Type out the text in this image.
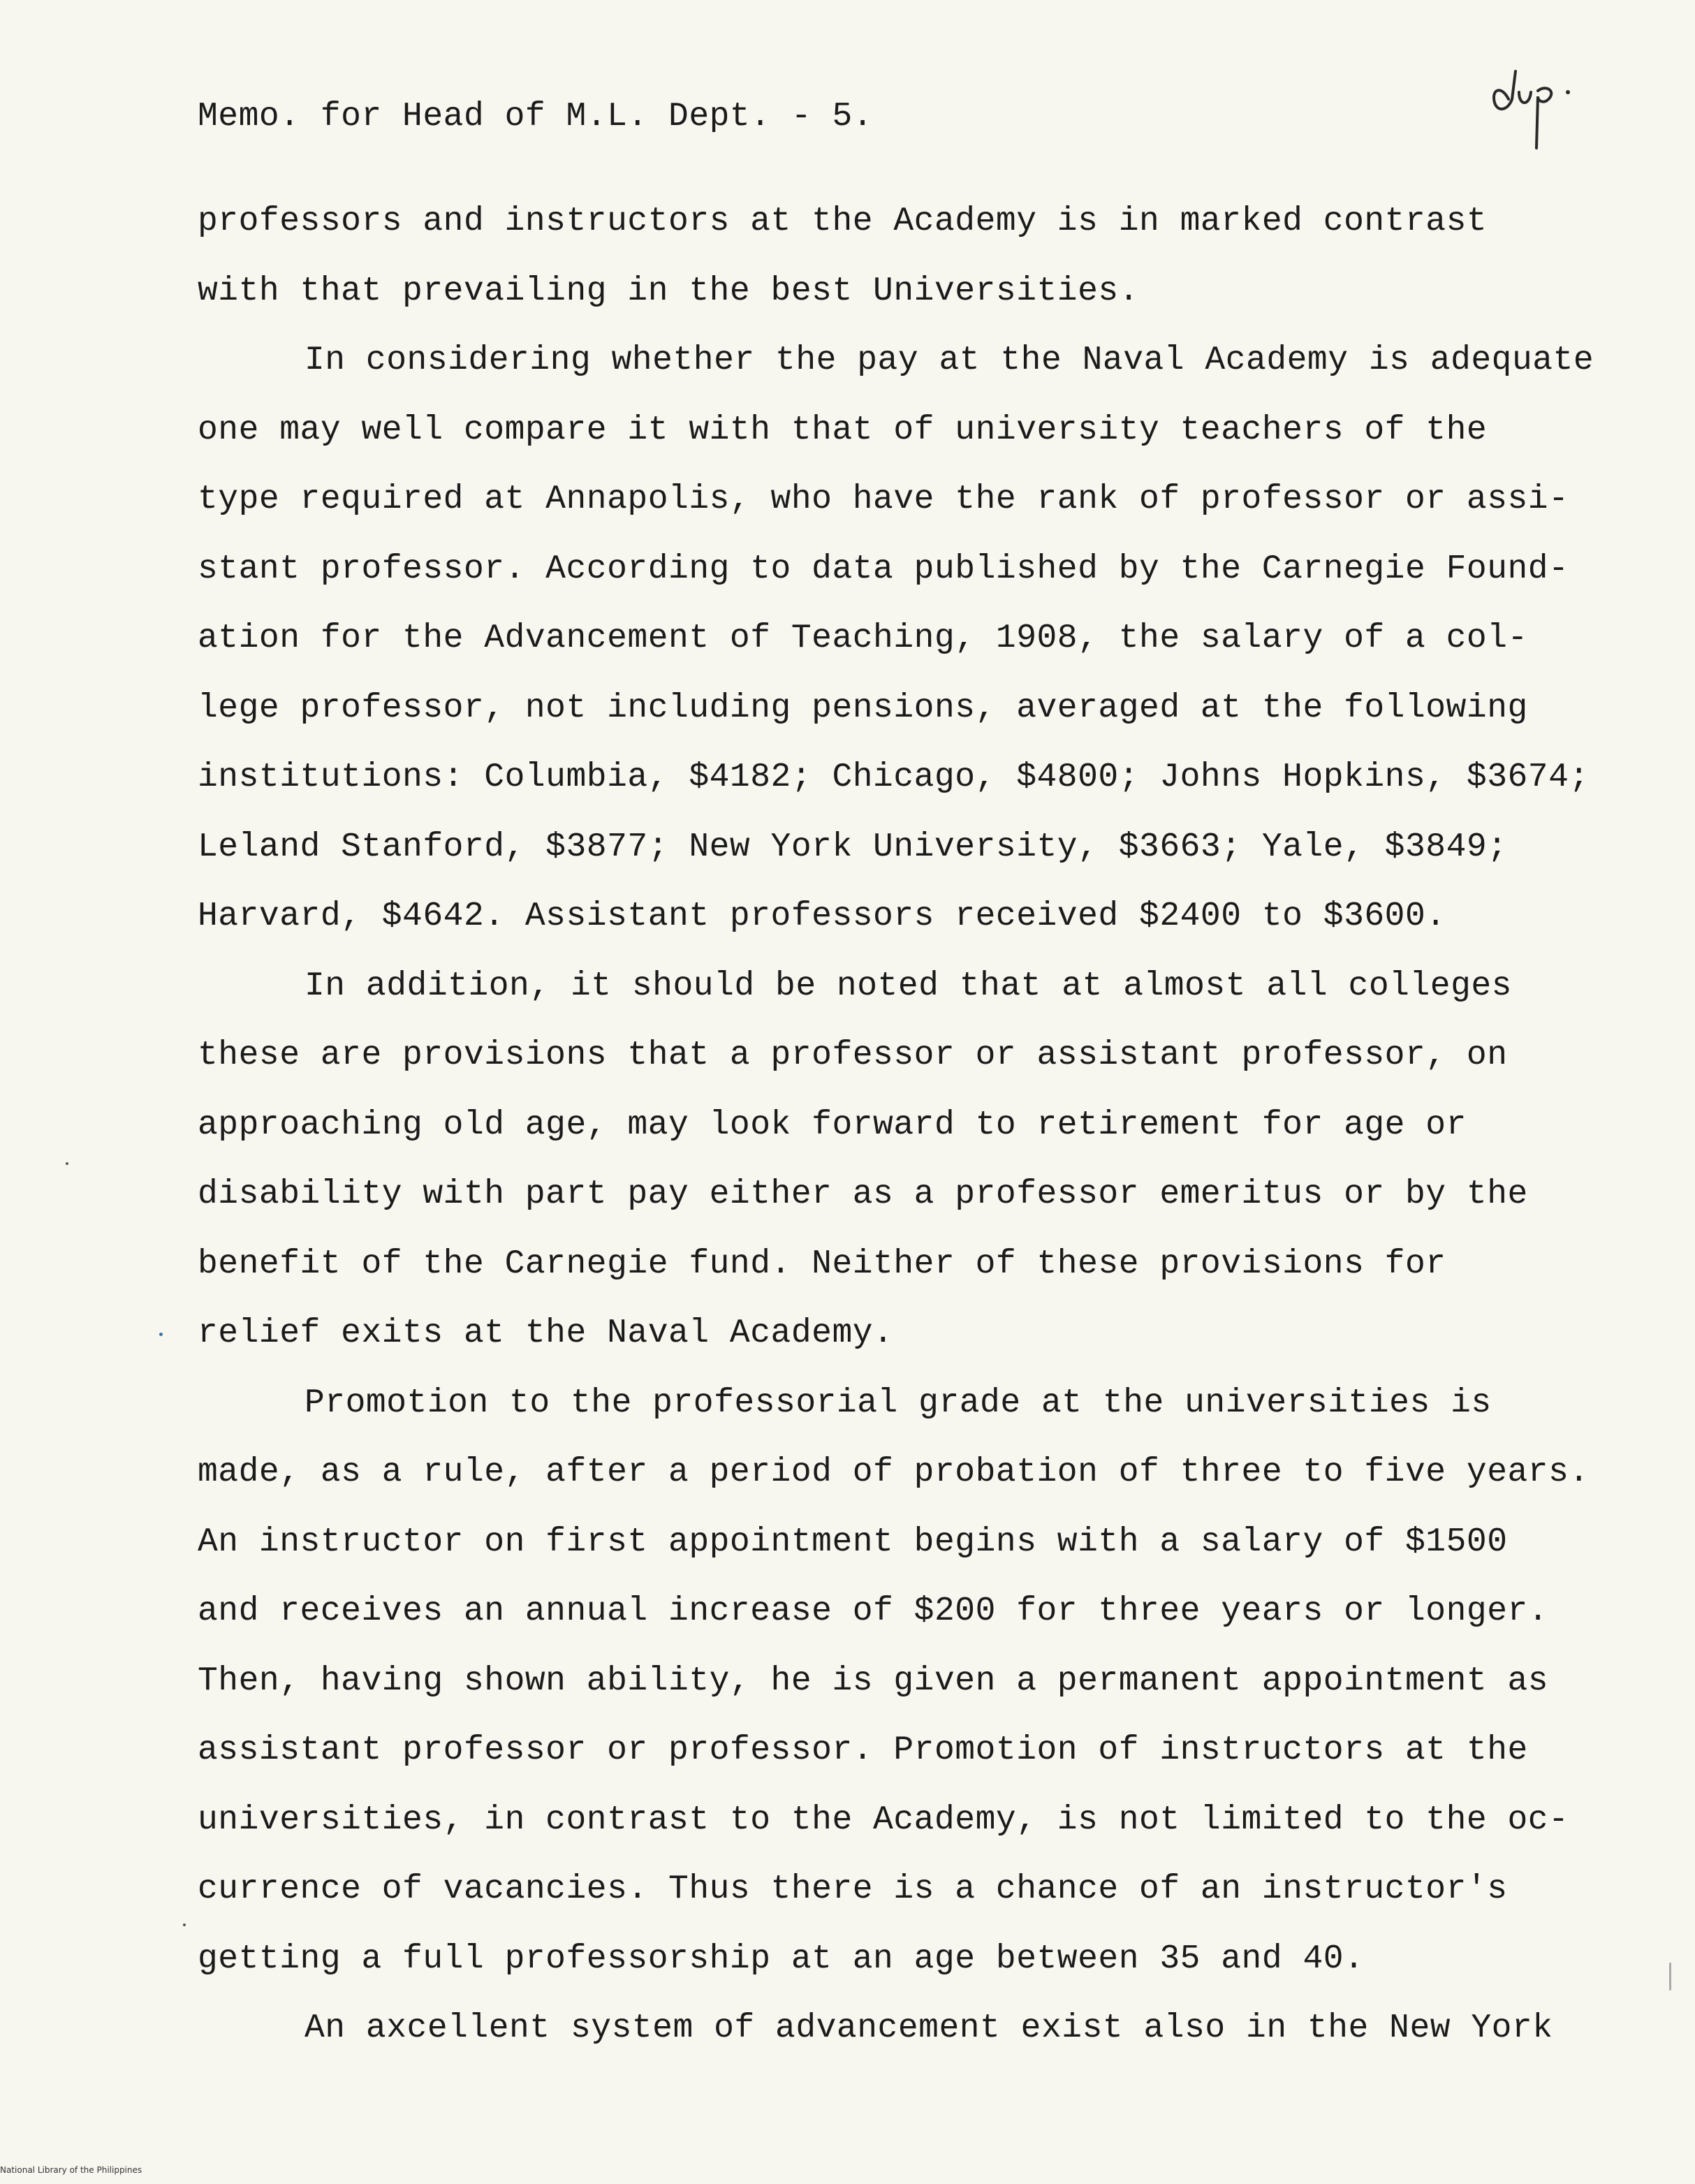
Memo. for Head of M.L. Dept. - 5.
dup.
professors and instructors at the Academy is in marked contrast
with that prevailing in the best Universities.
In considering whether the pay at the Naval Academy is adequate
one may well compare it with that of university teachers of the
type required at Annapolis, who have the rank of professor or assi-
stant professor. According to data published by the Carnegie Found-
ation for the Advancement of Teaching, 1908, the salary of a col-
lege professor, not including pensions, averaged at the following
institutions: Columbia, $4182; Chicago, $4800; Johns Hopkins, $3674;
Leland Stanford, $3877; New York University, $3663; Yale, $3849;
Harvard, $4642. Assistant professors received $2400 to $3600.
In addition, it should be noted that at almost all colleges
these are provisions that a professor or assistant professor, on
approaching old age, may look forward to retirement for age or
disability with part pay either as a professor emeritus or by the
benefit of the Carnegie fund. Neither of these provisions for
relief exits at the Naval Academy.
Promotion to the professorial grade at the universities is
made, as a rule, after a period of probation of three to five years.
An instructor on first appointment begins with a salary of $1500
and receives an annual increase of $200 for three years or longer.
Then, having shown ability, he is given a permanent appointment as
assistant professor or professor. Promotion of instructors at the
universities, in contrast to the Academy, is not limited to the oc-
currence of vacancies. Thus there is a chance of an instructor's
getting a full professorship at an age between 35 and 40.
An axcellent system of advancement exist also in the New York
National Library of the Philippines
